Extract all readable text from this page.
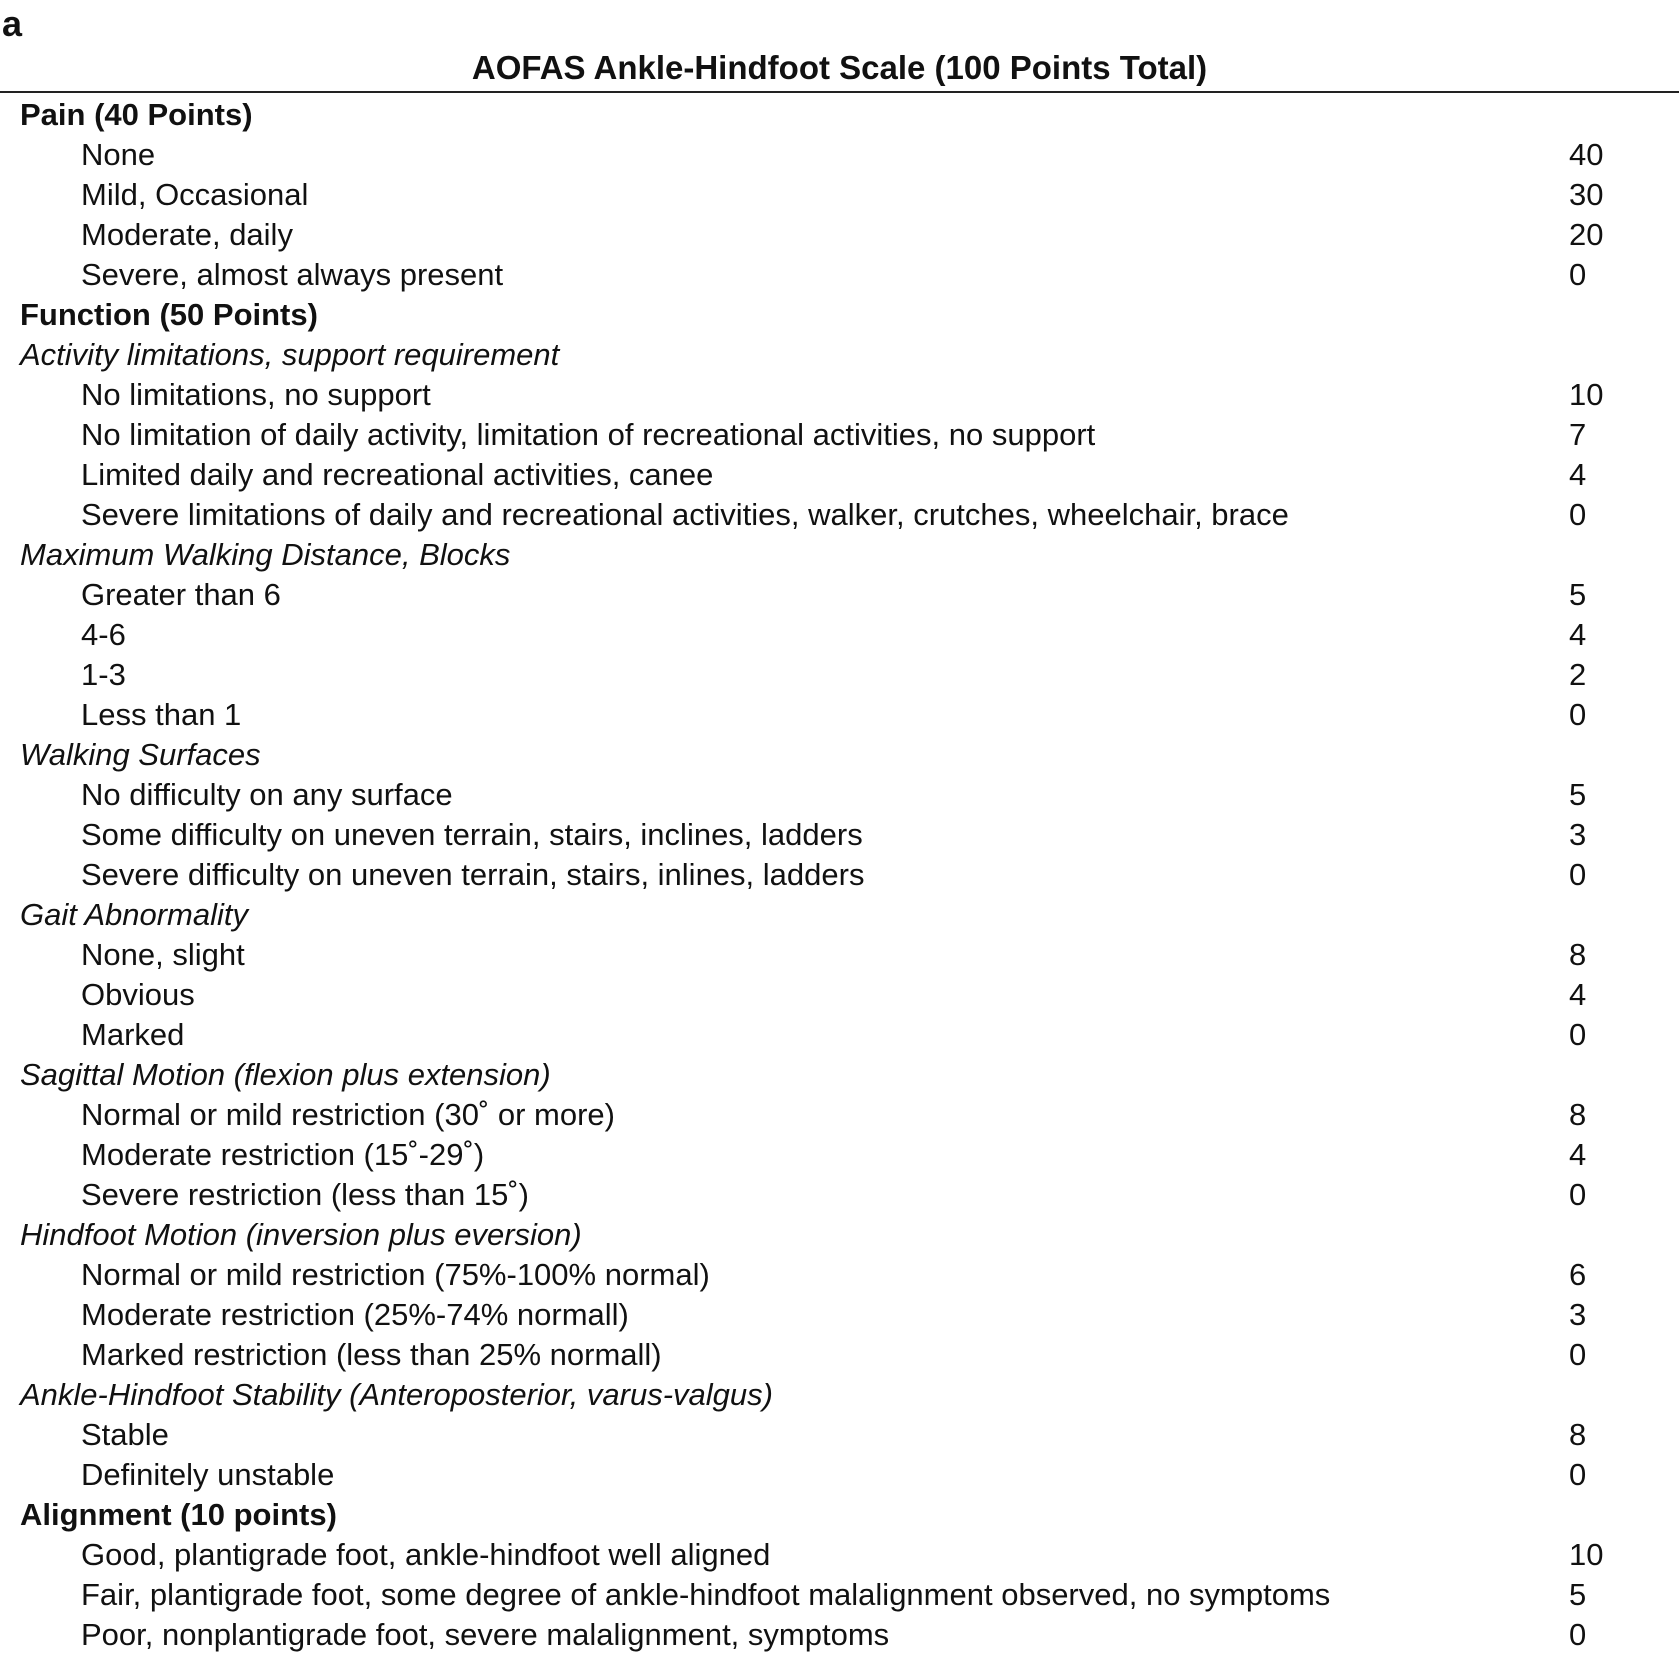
a
AOFAS Ankle-Hindfoot Scale (100 Points Total)
Pain (40 Points)
None	40
Mild, Occasional	30
Moderate, daily	20
Severe, almost always present	0
Function (50 Points)
Activity limitations, support requirement
No limitations, no support	10
No limitation of daily activity, limitation of recreational activities, no support	7
Limited daily and recreational activities, canee	4
Severe limitations of daily and recreational activities, walker, crutches, wheelchair, brace	0
Maximum Walking Distance, Blocks
Greater than 6	5
4-6	4
1-3	2
Less than 1	0
Walking Surfaces
No difficulty on any surface	5
Some difficulty on uneven terrain, stairs, inclines, ladders	3
Severe difficulty on uneven terrain, stairs, inlines, ladders	0
Gait Abnormality
None, slight	8
Obvious	4
Marked	0
Sagittal Motion (flexion plus extension)
Normal or mild restriction (30˚ or more)	8
Moderate restriction (15˚-29˚)	4
Severe restriction (less than 15˚)	0
Hindfoot Motion (inversion plus eversion)
Normal or mild restriction (75%-100% normal)	6
Moderate restriction (25%-74% normall)	3
Marked restriction (less than 25% normall)	0
Ankle-Hindfoot Stability (Anteroposterior, varus-valgus)
Stable	8
Definitely unstable	0
Alignment (10 points)
Good, plantigrade foot, ankle-hindfoot well aligned	10
Fair, plantigrade foot, some degree of ankle-hindfoot malalignment observed, no symptoms	5
Poor, nonplantigrade foot, severe malalignment, symptoms	0
